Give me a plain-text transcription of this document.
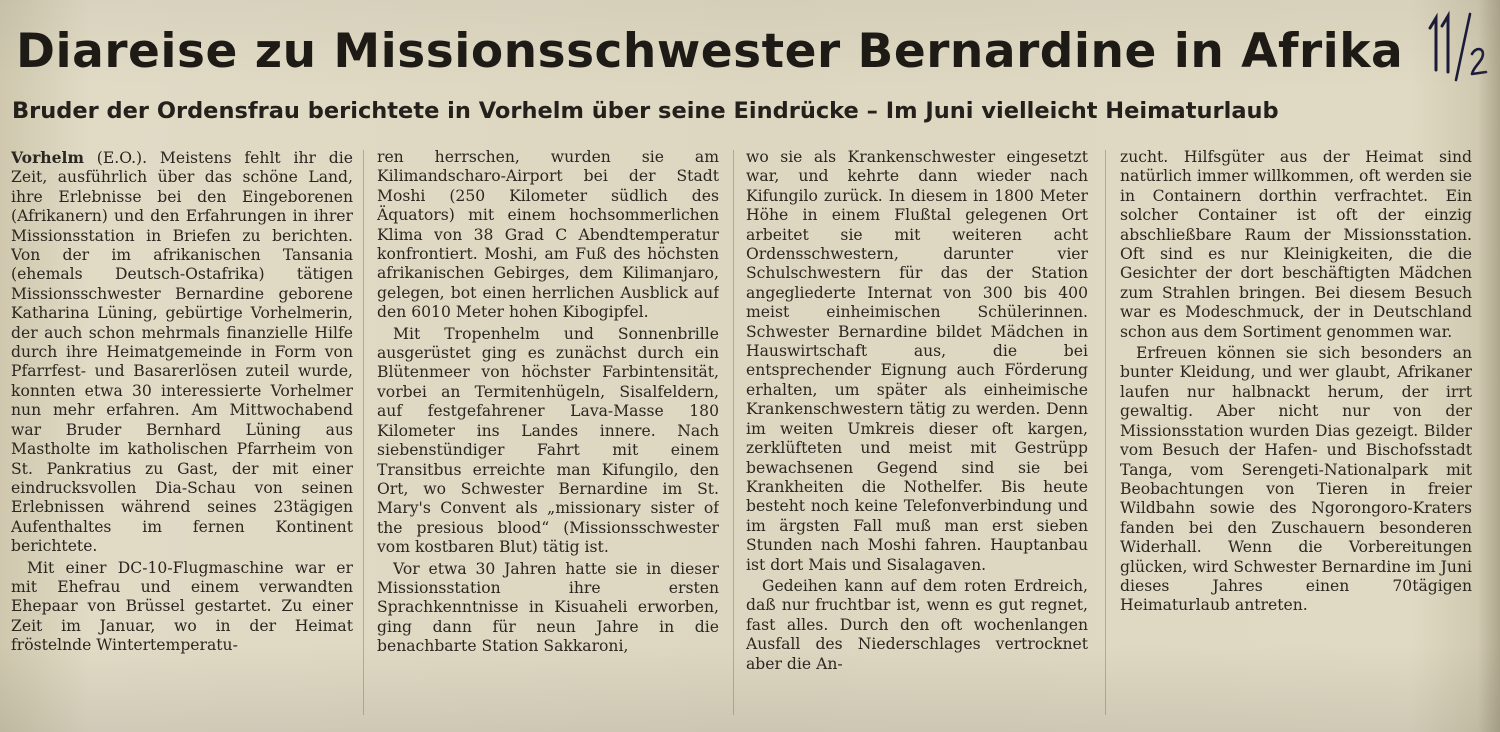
Diareise zu Missionsschwester Bernardine in Afrika
Bruder der Ordensfrau berichtete in Vorhelm über seine Eindrücke – Im Juni vielleicht Heimaturlaub

Vorhelm (E.O.). Meistens fehlt ihr die Zeit, ausführlich über das schöne Land, ihre Erlebnisse bei den Eingeborenen (Afrikanern) und den Erfahrungen in ihrer Missionsstation in Briefen zu berichten. Von der im afrikanischen Tansania (ehemals Deutsch-Ostafrika) tätigen Missionsschwester Bernardine geborene Katharina Lüning, gebürtige Vorhelmerin, der auch schon mehrmals finanzielle Hilfe durch ihre Heimatgemeinde in Form von Pfarrfest- und Basarerlösen zuteil wurde, konnten etwa 30 interessierte Vorhelmer nun mehr erfahren. Am Mittwochabend war Bruder Bernhard Lüning aus Mastholte im katholischen Pfarrheim von St. Pankratius zu Gast, der mit einer eindrucksvollen Dia-Schau von seinen Erlebnissen während seines 23tägigen Aufenthaltes im fernen Kontinent berichtete.

Mit einer DC-10-Flugmaschine war er mit Ehefrau und einem verwandten Ehepaar von Brüssel gestartet. Zu einer Zeit im Januar, wo in der Heimat fröstelnde Wintertemperatu-

ren herrschen, wurden sie am Kilimandscharo-Airport bei der Stadt Moshi (250 Kilometer südlich des Äquators) mit einem hochsommerlichen Klima von 38 Grad C Abendtemperatur konfrontiert. Moshi, am Fuß des höchsten afrikanischen Gebirges, dem Kilimanjaro, gelegen, bot einen herrlichen Ausblick auf den 6010 Meter hohen Kibogipfel.

Mit Tropenhelm und Sonnenbrille ausgerüstet ging es zunächst durch ein Blütenmeer von höchster Farbintensität, vorbei an Termitenhügeln, Sisalfeldern, auf festgefahrener Lava-Masse 180 Kilometer ins Landes innere. Nach siebenstündiger Fahrt mit einem Transitbus erreichte man Kifungilo, den Ort, wo Schwester Bernardine im St. Mary's Convent als „missionary sister of the presious blood“ (Missionsschwester vom kostbaren Blut) tätig ist.

Vor etwa 30 Jahren hatte sie in dieser Missionsstation ihre ersten Sprachkenntnisse in Kisuaheli erworben, ging dann für neun Jahre in die benachbarte Station Sakkaroni,

wo sie als Krankenschwester eingesetzt war, und kehrte dann wieder nach Kifungilo zurück. In diesem in 1800 Meter Höhe in einem Flußtal gelegenen Ort arbeitet sie mit weiteren acht Ordensschwestern, darunter vier Schulschwestern für das der Station angegliederte Internat von 300 bis 400 meist einheimischen Schülerinnen. Schwester Bernardine bildet Mädchen in Hauswirtschaft aus, die bei entsprechender Eignung auch Förderung erhalten, um später als einheimische Krankenschwestern tätig zu werden. Denn im weiten Umkreis dieser oft kargen, zerklüfteten und meist mit Gestrüpp bewachsenen Gegend sind sie bei Krankheiten die Nothelfer. Bis heute besteht noch keine Telefonverbindung und im ärgsten Fall muß man erst sieben Stunden nach Moshi fahren. Hauptanbau ist dort Mais und Sisalagaven.

Gedeihen kann auf dem roten Erdreich, daß nur fruchtbar ist, wenn es gut regnet, fast alles. Durch den oft wochenlangen Ausfall des Niederschlages vertrocknet aber die An-

zucht. Hilfsgüter aus der Heimat sind natürlich immer willkommen, oft werden sie in Containern dorthin verfrachtet. Ein solcher Container ist oft der einzig abschließbare Raum der Missionsstation. Oft sind es nur Kleinigkeiten, die die Gesichter der dort beschäftigten Mädchen zum Strahlen bringen. Bei diesem Besuch war es Modeschmuck, der in Deutschland schon aus dem Sortiment genommen war.

Erfreuen können sie sich besonders an bunter Kleidung, und wer glaubt, Afrikaner laufen nur halbnackt herum, der irrt gewaltig. Aber nicht nur von der Missionsstation wurden Dias gezeigt. Bilder vom Besuch der Hafen- und Bischofsstadt Tanga, vom Serengeti-Nationalpark mit Beobachtungen von Tieren in freier Wildbahn sowie des Ngorongoro-Kraters fanden bei den Zuschauern besonderen Widerhall. Wenn die Vorbereitungen glücken, wird Schwester Bernardine im Juni dieses Jahres einen 70tägigen Heimaturlaub antreten.
